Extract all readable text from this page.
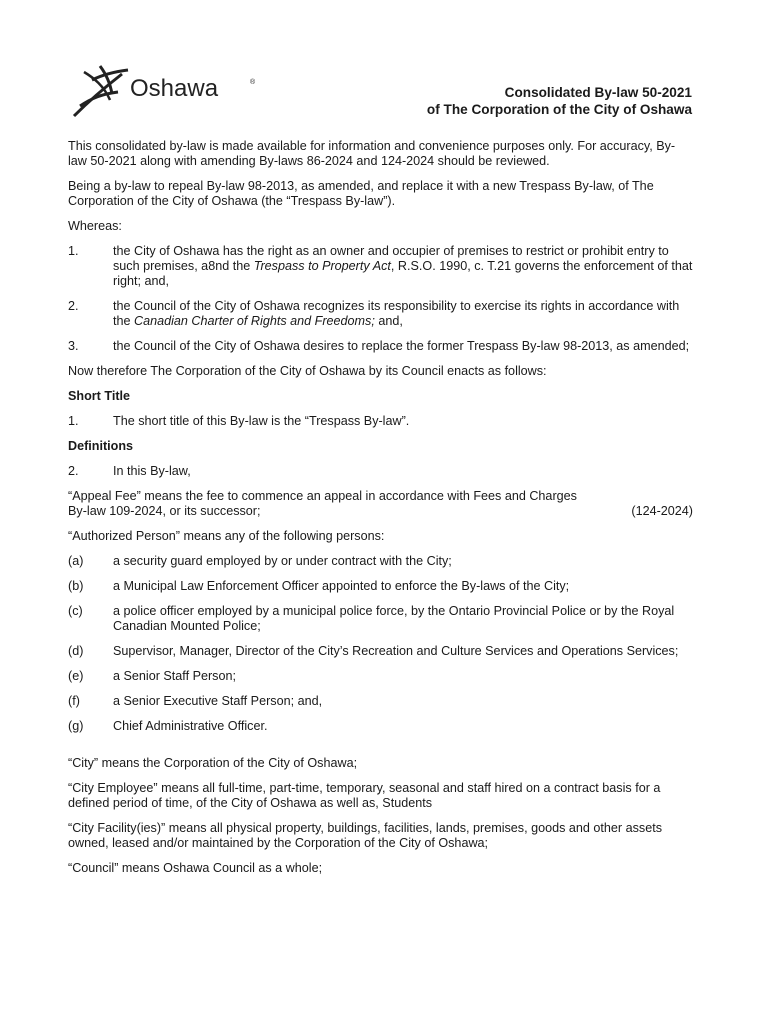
Oshawa	®
Consolidated By-law 50-2021
of The Corporation of the City of Oshawa

This consolidated by-law is made available for information and convenience purposes only. For accuracy, By-law 50-2021 along with amending By-laws 86-2024 and 124-2024 should be reviewed.

Being a by-law to repeal By-law 98-2013, as amended, and replace it with a new Trespass By-law, of The Corporation of the City of Oshawa (the “Trespass By-law”).

Whereas:

1.	the City of Oshawa has the right as an owner and occupier of premises to restrict or prohibit entry to such premises, a8nd the Trespass to Property Act, R.S.O. 1990, c. T.21 governs the enforcement of that right; and,
2.	the Council of the City of Oshawa recognizes its responsibility to exercise its rights in accordance with the Canadian Charter of Rights and Freedoms; and,
3.	the Council of the City of Oshawa desires to replace the former Trespass By-law 98-2013, as amended;

Now therefore The Corporation of the City of Oshawa by its Council enacts as follows:

Short Title
1.	The short title of this By-law is the “Trespass By-law”.
Definitions
2.	In this By-law,

“Appeal Fee” means the fee to commence an appeal in accordance with Fees and Charges

By-law 109-2024, or its successor;	(124-2024)

“Authorized Person” means any of the following persons:

(a)	a security guard employed by or under contract with the City;
(b)	a Municipal Law Enforcement Officer appointed to enforce the By-laws of the City;
(c)	a police officer employed by a municipal police force, by the Ontario Provincial Police or by the Royal Canadian Mounted Police;
(d)	Supervisor, Manager, Director of the City’s Recreation and Culture Services and Operations Services;
(e)	a Senior Staff Person;
(f)	a Senior Executive Staff Person; and,
(g)	Chief Administrative Officer.

“City” means the Corporation of the City of Oshawa;

“City Employee” means all full-time, part-time, temporary, seasonal and staff hired on a contract basis for a defined period of time, of the City of Oshawa as well as, Students

“City Facility(ies)” means all physical property, buildings, facilities, lands, premises, goods and other assets owned, leased and/or maintained by the Corporation of the City of Oshawa;

“Council” means Oshawa Council as a whole;
